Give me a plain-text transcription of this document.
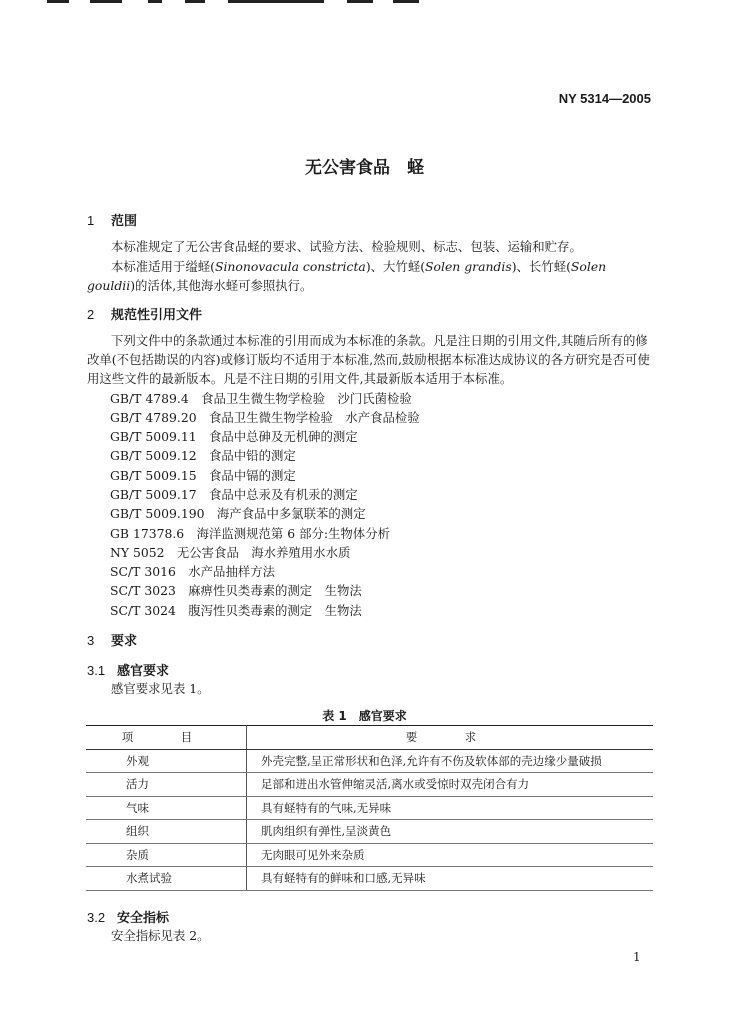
NY 5314—2005
无公害食品　蛏
1 范围
本标准规定了无公害食品蛏的要求、试验方法、检验规则、标志、包装、运输和贮存。
本标准适用于缢蛏(Sinonovacula constricta)、大竹蛏(Solen grandis)、长竹蛏(Solen gouldii)的活体,其他海水蛏可参照执行。
2 规范性引用文件
下列文件中的条款通过本标准的引用而成为本标准的条款。凡是注日期的引用文件,其随后所有的修改单(不包括勘误的内容)或修订版均不适用于本标准,然而,鼓励根据本标准达成协议的各方研究是否可使用这些文件的最新版本。凡是不注日期的引用文件,其最新版本适用于本标准。
GB/T 4789.4　食品卫生微生物学检验　沙门氏菌检验
GB/T 4789.20　食品卫生微生物学检验　水产食品检验
GB/T 5009.11　食品中总砷及无机砷的测定
GB/T 5009.12　食品中铅的测定
GB/T 5009.15　食品中镉的测定
GB/T 5009.17　食品中总汞及有机汞的测定
GB/T 5009.190　海产食品中多氯联苯的测定
GB 17378.6　海洋监测规范第 6 部分:生物体分析
NY 5052　无公害食品　海水养殖用水水质
SC/T 3016　水产品抽样方法
SC/T 3023　麻痹性贝类毒素的测定　生物法
SC/T 3024　腹泻性贝类毒素的测定　生物法
3 要求
3.1 感官要求
感官要求见表 1。
表 1　感官要求
项　目	要　求
外观	外壳完整,呈正常形状和色泽,允许有不伤及软体部的壳边缘少量破损
活力	足部和进出水管伸缩灵活,离水或受惊时双壳闭合有力
气味	具有蛏特有的气味,无异味
组织	肌肉组织有弹性,呈淡黄色
杂质	无肉眼可见外来杂质
水煮试验	具有蛏特有的鲜味和口感,无异味
3.2 安全指标
安全指标见表 2。
1
